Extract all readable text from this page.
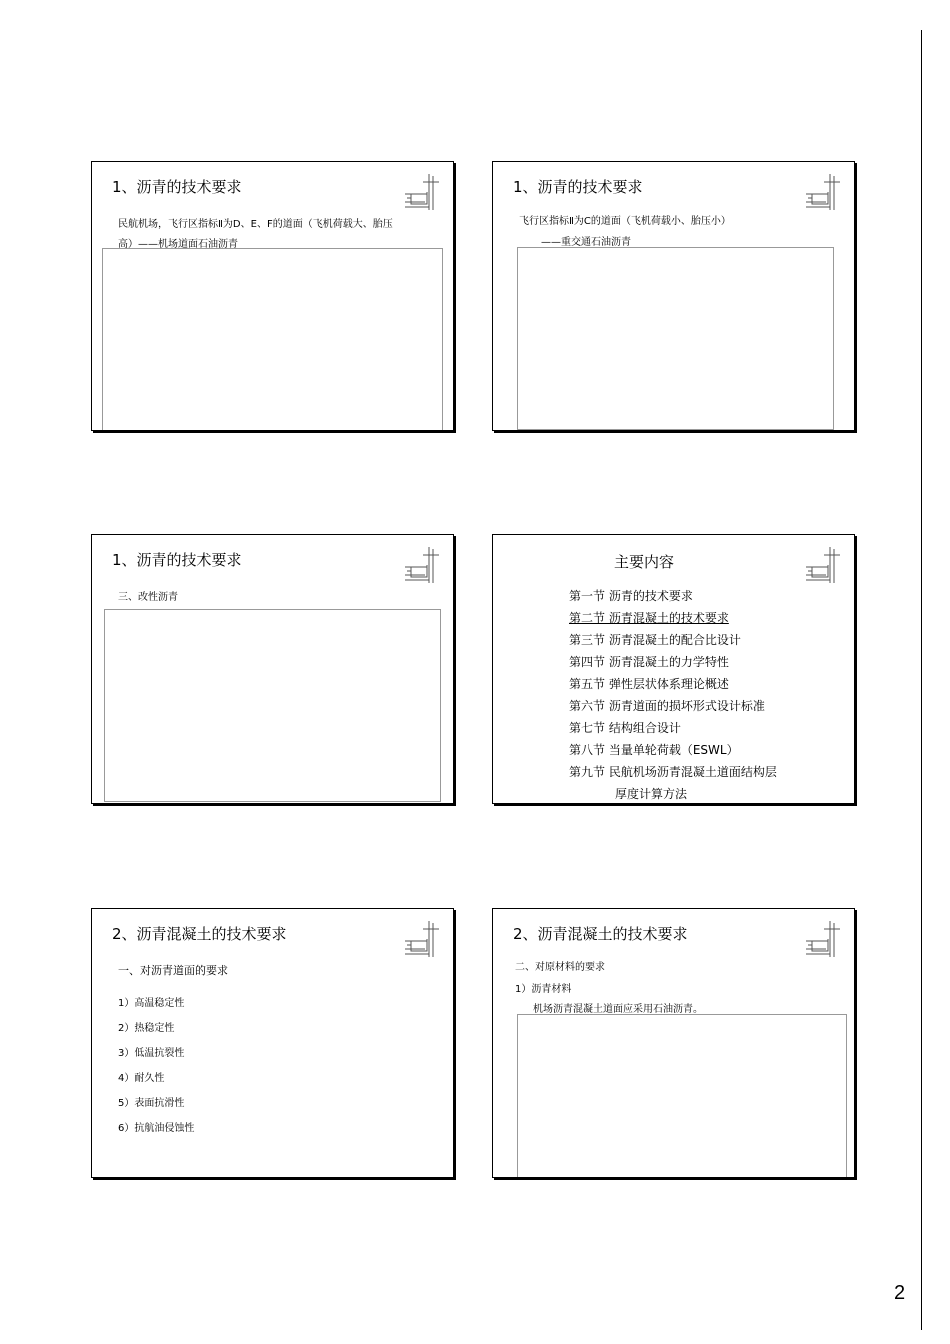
2
1、沥青的技术要求
民航机场，飞行区指标Ⅱ为D、E、F的道面（飞机荷载大、胎压
高）——机场道面石油沥青
1、沥青的技术要求
飞行区指标Ⅱ为C的道面（飞机荷载小、胎压小）
——重交通石油沥青
1、沥青的技术要求
三、改性沥青
主要内容
第一节 沥青的技术要求
第二节 沥青混凝土的技术要求
第三节 沥青混凝土的配合比设计
第四节 沥青混凝土的力学特性
第五节 弹性层状体系理论概述
第六节 沥青道面的损坏形式设计标准
第七节 结构组合设计
第八节 当量单轮荷载（ESWL）
第九节 民航机场沥青混凝土道面结构层
厚度计算方法
2、沥青混凝土的技术要求
一、对沥青道面的要求
1）高温稳定性
2）热稳定性
3）低温抗裂性
4）耐久性
5）表面抗滑性
6）抗航油侵蚀性
2、沥青混凝土的技术要求
二、对原材料的要求
1）沥青材料
机场沥青混凝土道面应采用石油沥青。
